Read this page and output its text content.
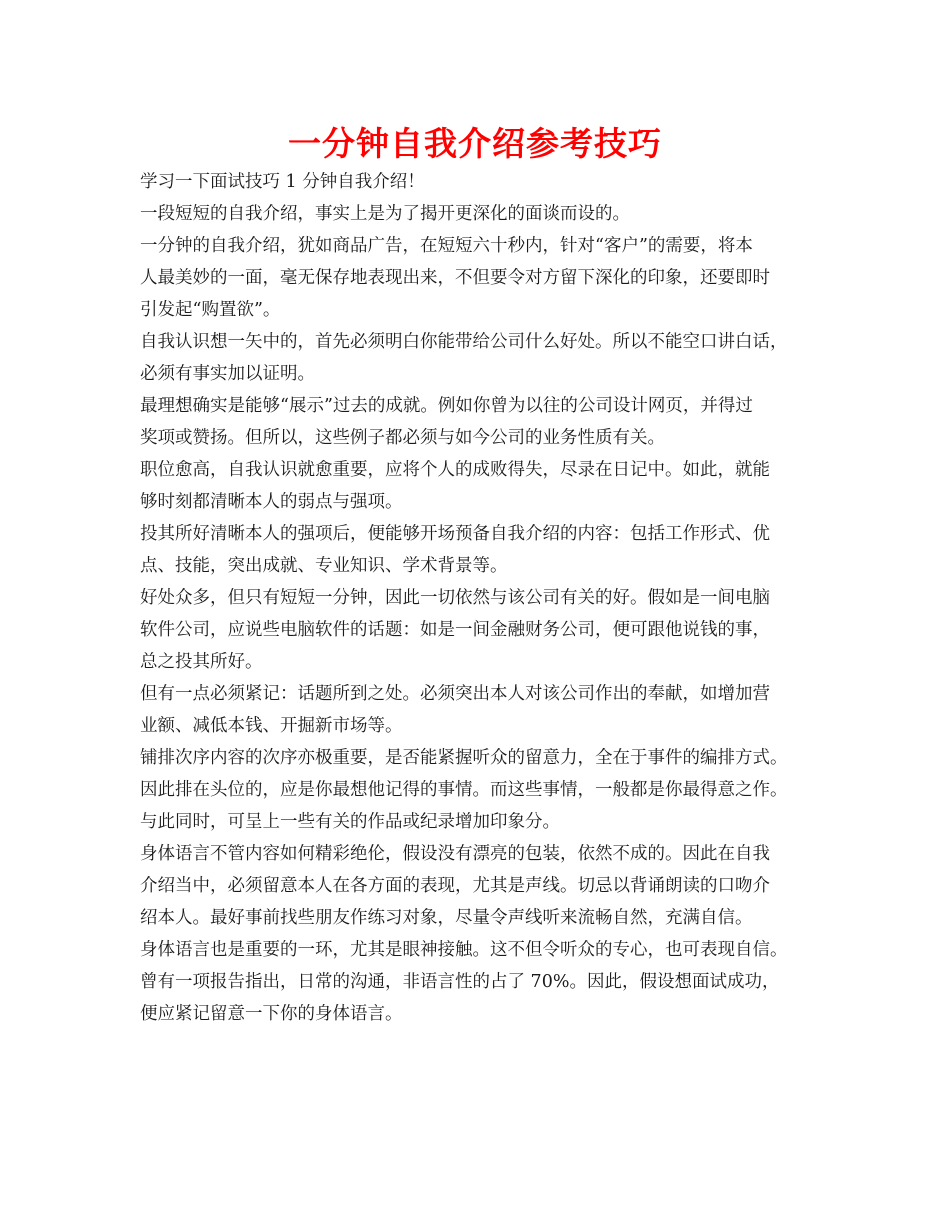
一分钟自我介绍参考技巧
学习一下面试技巧 1 分钟自我介绍！
一段短短的自我介绍，事实上是为了揭开更深化的面谈而设的。
一分钟的自我介绍，犹如商品广告，在短短六十秒内，针对“客户”的需要，将本
人最美妙的一面，毫无保存地表现出来，不但要令对方留下深化的印象，还要即时
引发起“购置欲”。
自我认识想一矢中的，首先必须明白你能带给公司什么好处。所以不能空口讲白话，
必须有事实加以证明。
最理想确实是能够“展示”过去的成就。例如你曾为以往的公司设计网页，并得过
奖项或赞扬。但所以，这些例子都必须与如今公司的业务性质有关。
职位愈高，自我认识就愈重要，应将个人的成败得失，尽录在日记中。如此，就能
够时刻都清晰本人的弱点与强项。
投其所好清晰本人的强项后，便能够开场预备自我介绍的内容：包括工作形式、优
点、技能，突出成就、专业知识、学术背景等。
好处众多，但只有短短一分钟，因此一切依然与该公司有关的好。假如是一间电脑
软件公司，应说些电脑软件的话题：如是一间金融财务公司，便可跟他说钱的事，
总之投其所好。
但有一点必须紧记：话题所到之处。必须突出本人对该公司作出的奉献，如增加营
业额、减低本钱、开掘新市场等。
铺排次序内容的次序亦极重要，是否能紧握听众的留意力，全在于事件的编排方式。
因此排在头位的，应是你最想他记得的事情。而这些事情，一般都是你最得意之作。
与此同时，可呈上一些有关的作品或纪录增加印象分。
身体语言不管内容如何精彩绝伦，假设没有漂亮的包装，依然不成的。因此在自我
介绍当中，必须留意本人在各方面的表现，尤其是声线。切忌以背诵朗读的口吻介
绍本人。最好事前找些朋友作练习对象，尽量令声线听来流畅自然，充满自信。
身体语言也是重要的一环，尤其是眼神接触。这不但令听众的专心，也可表现自信。
曾有一项报告指出，日常的沟通，非语言性的占了 70%。因此，假设想面试成功，
便应紧记留意一下你的身体语言。
